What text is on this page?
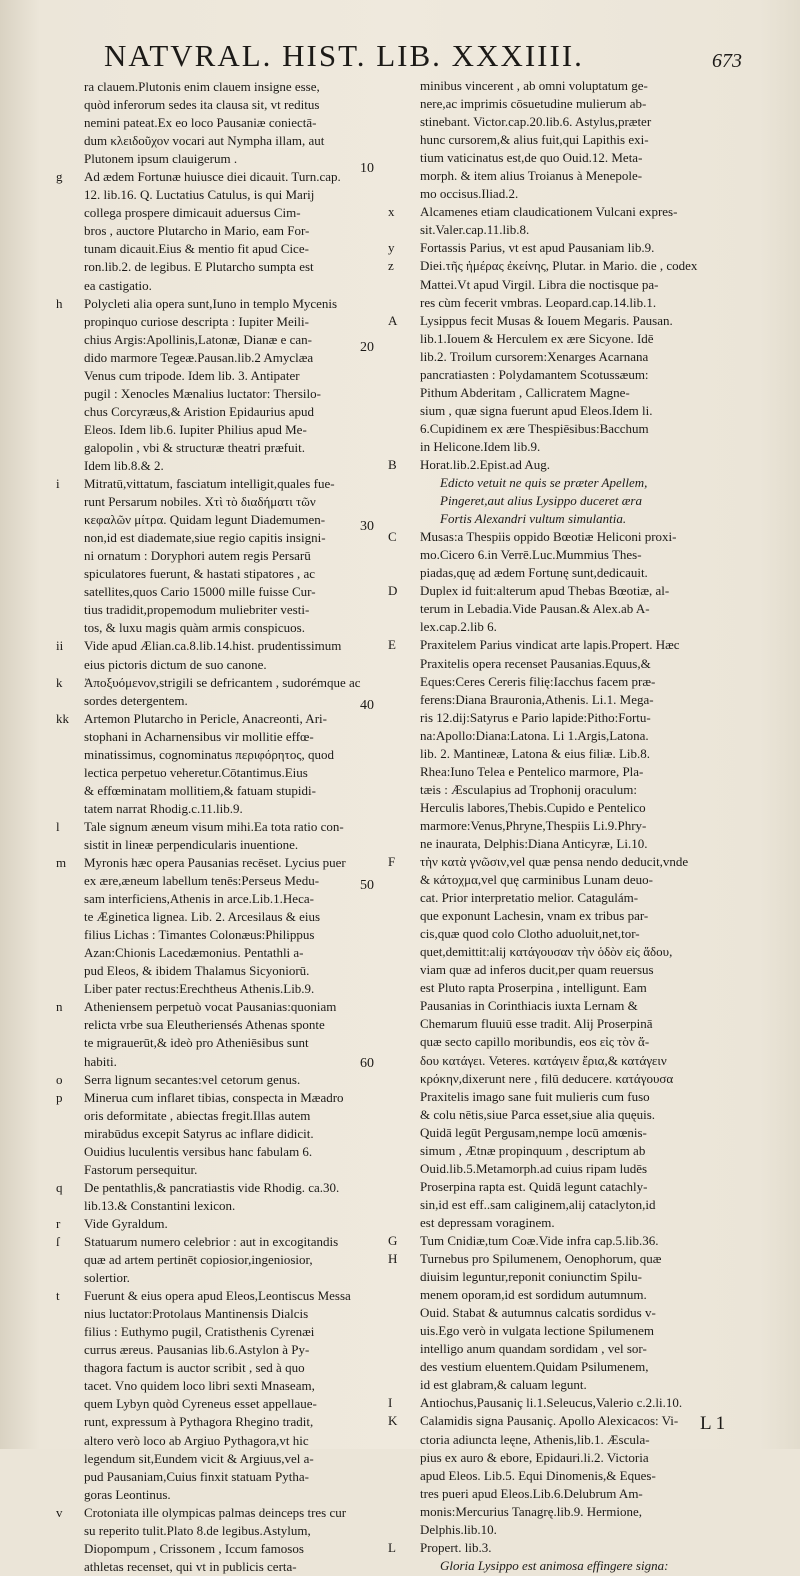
NATVRAL. HIST. LIB. XXXIIII.	673
ra clauem.Plutonis enim clauem insigne esse,
quòd inferorum sedes ita clausa sit, vt reditus
nemini pateat.Ex eo loco Pausaniæ coniectā-
dum κλειδοῦχον vocari aut Nympha illam, aut
Plutonem ipsum clauigerum .
g	Ad ædem Fortunæ huiusce diei dicauit. Turn.cap.
12. lib.16. Q. Luctatius Catulus, is qui Marij
collega prospere dimicauit aduersus Cim-
bros , auctore Plutarcho in Mario, eam For-
tunam dicauit.Eius & mentio fit apud Cice-
ron.lib.2. de legibus. E Plutarcho sumpta est
ea castigatio.
h	Polycleti alia opera sunt,Iuno in templo Mycenis
propinquo curiose descripta : Iupiter Meili-
chius Argis:Apollinis,Latonæ, Dianæ e can-
dido marmore Tegeæ.Pausan.lib.2 Amyclæa
Venus cum tripode. Idem lib. 3. Antipater
pugil : Xenocles Mænalius luctator: Thersilo-
chus Corcyræus,& Aristion Epidaurius apud
Eleos. Idem lib.6. Iupiter Philius apud Me-
galopolin , vbi & structuræ theatri præfuit.
Idem lib.8.& 2.
i	Mitratū,vittatum, fasciatum intelligit,quales fue-
runt Persarum nobiles. Χτὶ τὸ διαδήματι τῶν
κεφαλῶν μίτρα. Quidam legunt Diademumen-
non,id est diademate,siue regio capitis insigni-
ni ornatum : Doryphori autem regis Persarū
spiculatores fuerunt, & hastati stipatores , ac
satellites,quos Cario 15000 mille fuisse Cur-
tius tradidit,propemodum muliebriter vesti-
tos, & luxu magis quàm armis conspicuos.
ii	Vide apud Ælian.ca.8.lib.14.hist. prudentissimum
eius pictoris dictum de suo canone.
k	Ἀποξυόμενον,strigili se defricantem , sudorémque ac
sordes detergentem.
kk	Artemon Plutarcho in Pericle, Anacreonti, Ari-
stophani in Acharnensibus vir mollitie effœ-
minatissimus, cognominatus περιφόρητος, quod
lectica perpetuo veheretur.Cōtantimus.Eius
& effœminatam mollitiem,& fatuam stupidi-
tatem narrat Rhodig.c.11.lib.9.
l	Tale signum æneum visum mihi.Ea tota ratio con-
sistit in lineæ perpendicularis inuentione.
m	Myronis hæc opera Pausanias recēset. Lycius puer
ex ære,æneum labellum tenēs:Perseus Medu-
sam interficiens,Athenis in arce.Lib.1.Heca-
te Æginetica lignea. Lib. 2. Arcesilaus & eius
filius Lichas : Timantes Colonæus:Philippus
Azan:Chionis Lacedæmonius. Pentathli a-
pud Eleos, & ibidem Thalamus Sicyoniorū.
Liber pater rectus:Erechtheus Athenis.Lib.9.
n	Atheniensem perpetuò vocat Pausanias:quoniam
relicta vrbe sua Eleutheriensés Athenas sponte
te migrauerūt,& ideò pro Atheniēsibus sunt
habiti.
o	Serra lignum secantes:vel cetorum genus.
p	Minerua cum inflaret tibias, conspecta in Mæadro
oris deformitate , abiectas fregit.Illas autem
mirabūdus excepit Satyrus ac inflare didicit.
Ouidius luculentis versibus hanc fabulam 6.
Fastorum persequitur.
q	De pentathlis,& pancratiastis vide Rhodig. ca.30.
lib.13.& Constantini lexicon.
r	Vide Gyraldum.
ſ	Statuarum numero celebrior : aut in excogitandis
quæ ad artem pertinēt copiosior,ingeniosior,
solertior.
t	Fuerunt & eius opera apud Eleos,Leontiscus Messa
nius luctator:Protolaus Mantinensis Dialcis
filius : Euthymo pugil, Cratisthenis Cyrenæi
currus æreus. Pausanias lib.6.Astylon à Py-
thagora factum is auctor scribit , sed à quo
tacet. Vno quidem loco libri sexti Mnaseam,
quem Lybyn quòd Cyreneus esset appellaue-
runt, expressum à Pythagora Rhegino tradit,
altero verò loco ab Argiuo Pythagora,vt hic
legendum sit,Eundem vicit & Argiuus,vel a-
pud Pausaniam,Cuius finxit statuam Pytha-
goras Leontinus.
v	Crotoniata ille olympicas palmas deinceps tres cur
su reperito tulit.Plato 8.de legibus.Astylum,
Diopompum , Crissonem , Iccum famosos
athletas recenset, qui vt in publicis certa-
10
20
30
40
50
60
minibus vincerent , ab omni voluptatum ge-
nere,ac imprimis cōsuetudine mulierum ab-
stinebant. Victor.cap.20.lib.6. Astylus,præter
hunc cursorem,& alius fuit,qui Lapithis exi-
tium vaticinatus est,de quo Ouid.12. Meta-
morph. & item alius Troianus à Menepole-
mo occisus.Iliad.2.
x	Alcamenes etiam claudicationem Vulcani expres-
sit.Valer.cap.11.lib.8.
y	Fortassis Parius, vt est apud Pausaniam lib.9.
z	Diei.τῆς ἡμέρας ἐκείνης, Plutar. in Mario. die , codex
Mattei.Vt apud Virgil. Libra die noctisque pa-
res cùm fecerit vmbras. Leopard.cap.14.lib.1.
A	Lysippus fecit Musas & Iouem Megaris. Pausan.
lib.1.Iouem & Herculem ex ære Sicyone. Idē
lib.2. Troilum cursorem:Xenarges Acarnana
pancratiasten : Polydamantem Scotussæum:
Pithum Abderitam , Callicratem Magne-
sium , quæ signa fuerunt apud Eleos.Idem li.
6.Cupidinem ex ære Thespiēsibus:Bacchum
in Helicone.Idem lib.9.
B	Horat.lib.2.Epist.ad Aug.
Edicto vetuit ne quis se præter Apellem,
Pingeret,aut alius Lysippo duceret æra
Fortis Alexandri vultum simulantia.
C	Musas:a Thespiis oppido Bœotiæ Heliconi proxi-
mo.Cicero 6.in Verrē.Luc.Mummius Thes-
piadas,quę ad ædem Fortunę sunt,dedicauit.
D	Duplex id fuit:alterum apud Thebas Bœotiæ, al-
terum in Lebadia.Vide Pausan.& Alex.ab A-
lex.cap.2.lib 6.
E	Praxitelem Parius vindicat arte lapis.Propert. Hæc
Praxitelis opera recenset Pausanias.Equus,&
Eques:Ceres Cereris filię:Iacchus facem præ-
ferens:Diana Brauronia,Athenis. Li.1. Mega-
ris 12.dij:Satyrus e Pario lapide:Pitho:Fortu-
na:Apollo:Diana:Latona. Li 1.Argis,Latona.
lib. 2. Mantineæ, Latona & eius filiæ. Lib.8.
Rhea:Iuno Telea e Pentelico marmore, Pla-
tæis : Æsculapius ad Trophonij oraculum:
Herculis labores,Thebis.Cupido e Pentelico
marmore:Venus,Phryne,Thespiis Li.9.Phry-
ne inaurata, Delphis:Diana Anticyræ, Li.10.
F	τὴν κατὰ γνῶσιν,vel quæ pensa nendo deducit,vnde
& κάτοχμα,vel quę carminibus Lunam deuo-
cat. Prior interpretatio melior. Catagulám-
que exponunt Lachesin, vnam ex tribus par-
cis,quæ quod colo Clotho aduoluit,net,tor-
quet,demittit:alij κατάγουσαν τὴν ὁδὸν εἰς ἅδου,
viam quæ ad inferos ducit,per quam reuersus
est Pluto rapta Proserpina , intelligunt. Eam
Pausanias in Corinthiacis iuxta Lernam &
Chemarum fluuiū esse tradit. Alij Proserpinā
quæ secto capillo moribundis, eos εἰς τὸν ἅ-
δου κατάγει. Veteres. κατάγειν ἔρια,& κατάγειν
κρόκην,dixerunt nere , filū deducere. κατάγουσα
Praxitelis imago sane fuit mulieris cum fuso
& colu nētis,siue Parca esset,siue alia quęuis.
Quidā legūt Pergusam,nempe locū amœnis-
simum , Ætnæ propinquum , descriptum ab
Ouid.lib.5.Metamorph.ad cuius ripam ludēs
Proserpina rapta est. Quidā legunt catachly-
sin,id est eff..sam caliginem,alij cataclyton,id
est depressam voraginem.
G	Tum Cnidiæ,tum Coæ.Vide infra cap.5.lib.36.
H	Turnebus pro Spilumenem, Oenophorum, quæ
diuisim leguntur,reponit coniunctim Spilu-
menem oporam,id est sordidum autumnum.
Ouid. Stabat & autumnus calcatis sordidus v-
uis.Ego verò in vulgata lectione Spilumenem
intelligo anum quandam sordidam , vel sor-
des vestium eluentem.Quidam Psilumenem,
id est glabram,& caluam legunt.
I	Antiochus,Pausaniç li.1.Seleucus,Valerio c.2.li.10.
K	Calamidis signa Pausaniç. Apollo Alexicacos: Vi-
ctoria adiuncta leęne, Athenis,lib.1. Æscula-
pius ex auro & ebore, Epidauri.li.2. Victoria
apud Eleos. Lib.5. Equi Dinomenis,& Eques-
tres pueri apud Eleos.Lib.6.Delubrum Am-
monis:Mercurius Tanagrę.lib.9. Hermione,
Delphis.lib.10.
L	Propert. lib.3.
Gloria Lysippo est animosa effingere signa:
L 1
